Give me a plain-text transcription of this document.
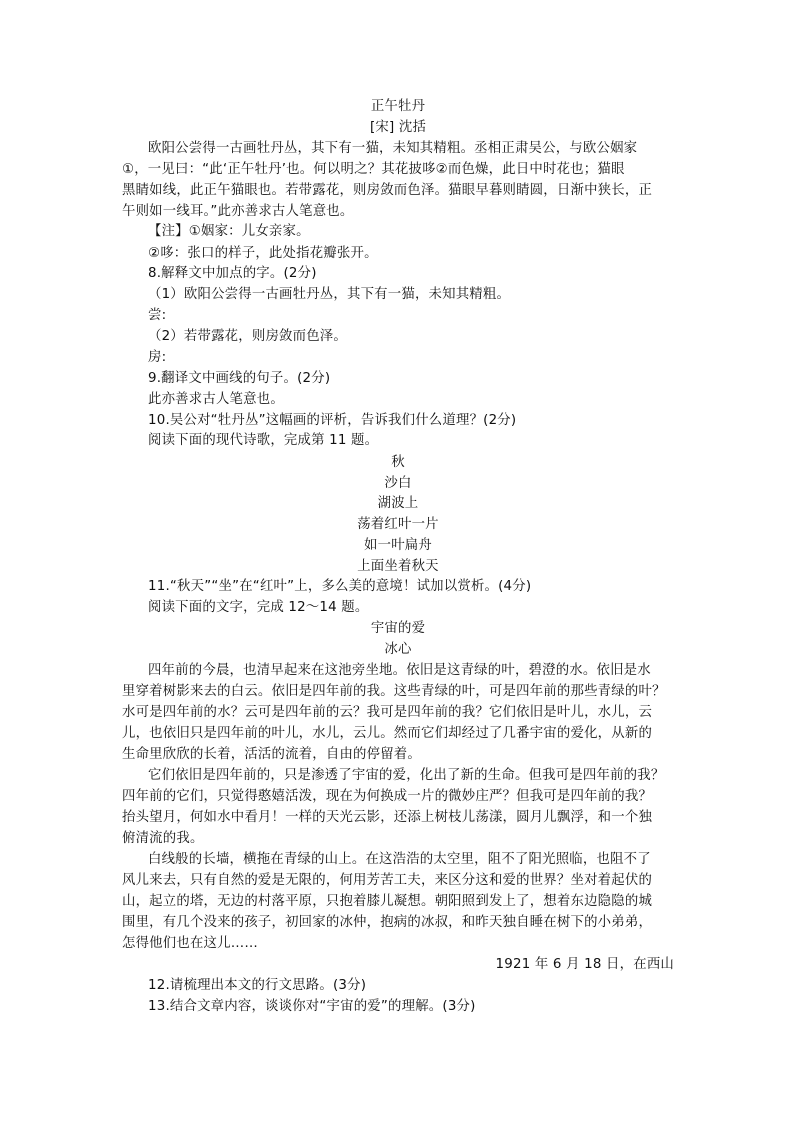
正午牡丹
[宋] 沈括
欧阳公尝得一古画牡丹丛，其下有一猫，未知其精粗。丞相正肃吴公，与欧公姻家
①，一见曰：“此‘正午牡丹’也。何以明之？其花披哆②而色燥，此日中时花也；猫眼
黑睛如线，此正午猫眼也。若带露花，则房敛而色泽。猫眼早暮则睛圆，日渐中狭长，正
午则如一线耳。”此亦善求古人笔意也。
【注】①姻家：儿女亲家。
②哆：张口的样子，此处指花瓣张开。
8.解释文中加点的字。(2分)
（1）欧阳公尝得一古画牡丹丛，其下有一猫，未知其精粗。
尝:
（2）若带露花，则房敛而色泽。
房:
9.翻译文中画线的句子。(2分)
此亦善求古人笔意也。
10.吴公对“牡丹丛”这幅画的评析，告诉我们什么道理？(2分)
阅读下面的现代诗歌，完成第 11 题。
秋
沙白
湖波上
荡着红叶一片
如一叶扁舟
上面坐着秋天
11.“秋天”“坐”在“红叶”上，多么美的意境！试加以赏析。(4分)
阅读下面的文字，完成 12～14 题。
宇宙的爱
冰心
四年前的今晨，也清早起来在这池旁坐地。依旧是这青绿的叶，碧澄的水。依旧是水
里穿着树影来去的白云。依旧是四年前的我。这些青绿的叶，可是四年前的那些青绿的叶？
水可是四年前的水？云可是四年前的云？我可是四年前的我？它们依旧是叶儿，水儿，云
儿，也依旧只是四年前的叶儿，水儿，云儿。然而它们却经过了几番宇宙的爱化，从新的
生命里欣欣的长着，活活的流着，自由的停留着。
它们依旧是四年前的，只是渗透了宇宙的爱，化出了新的生命。但我可是四年前的我？
四年前的它们，只觉得憨嬉活泼，现在为何换成一片的微妙庄严？但我可是四年前的我？
抬头望月，何如水中看月！一样的天光云影，还添上树枝儿荡漾，圆月儿飘浮，和一个独
俯清流的我。
白线般的长墙，横拖在青绿的山上。在这浩浩的太空里，阻不了阳光照临，也阻不了
风儿来去，只有自然的爱是无限的，何用芳苦工夫，来区分这和爱的世界？坐对着起伏的
山，起立的塔，无边的村落平原，只抱着膝儿凝想。朝阳照到发上了，想着东边隐隐的城
围里，有几个没来的孩子，初回家的冰仲，抱病的冰叔，和昨天独自睡在树下的小弟弟，
怎得他们也在这儿……
1921 年 6 月 18 日，在西山
12.请梳理出本文的行文思路。(3分)
13.结合文章内容，谈谈你对“宇宙的爱”的理解。(3分)
